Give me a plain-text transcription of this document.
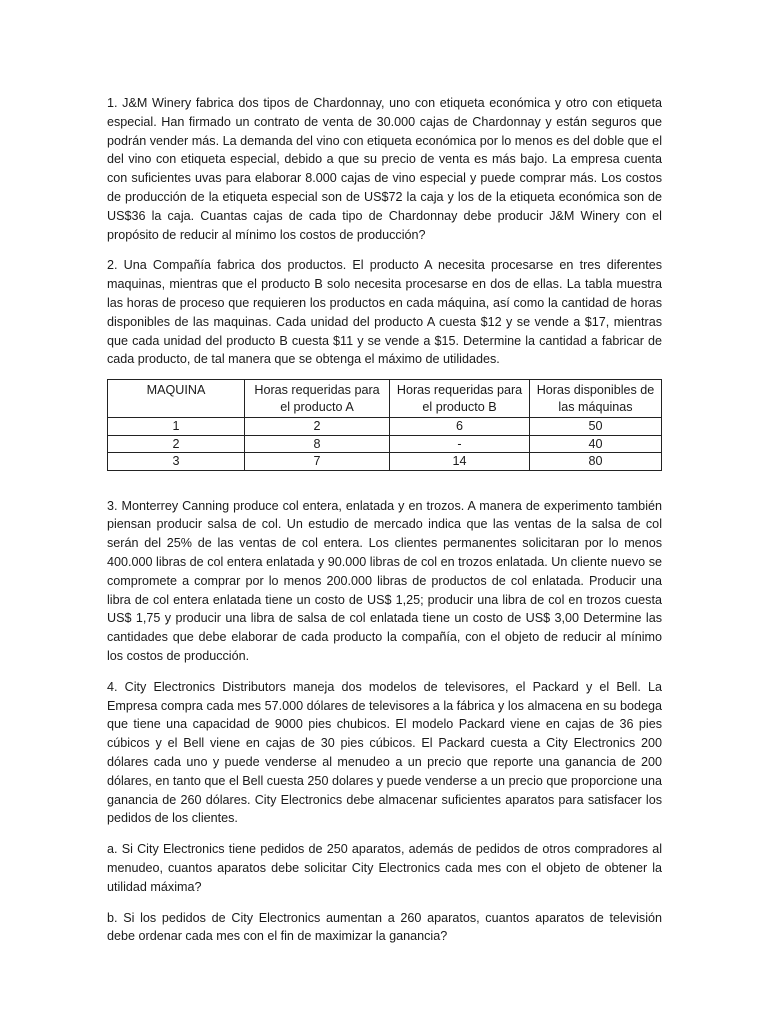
1. J&M Winery fabrica dos tipos de Chardonnay, uno con etiqueta económica y otro con etiqueta especial. Han firmado un contrato de venta de 30.000 cajas de Chardonnay y están seguros que podrán vender más. La demanda del vino con etiqueta económica por lo menos es del doble que el del vino con etiqueta especial, debido a que su precio de venta es más bajo. La empresa cuenta con suficientes uvas para elaborar 8.000 cajas de vino especial y puede comprar más. Los costos de producción de la etiqueta especial son de US$72 la caja y los de la etiqueta económica son de US$36 la caja. Cuantas cajas de cada tipo de Chardonnay debe producir J&M Winery con el propósito de reducir al mínimo los costos de producción?

2. Una Compañía fabrica dos productos. El producto A necesita procesarse en tres diferentes maquinas, mientras que el producto B solo necesita procesarse en dos de ellas. La tabla muestra las horas de proceso que requieren los productos en cada máquina, así como la cantidad de horas disponibles de las maquinas. Cada unidad del producto A cuesta $12 y se vende a $17, mientras que cada unidad del producto B cuesta $11 y se vende a $15. Determine la cantidad a fabricar de cada producto, de tal manera que se obtenga el máximo de utilidades.

MAQUINA	Horas requeridas para el producto A	Horas requeridas para el producto B	Horas disponibles de las máquinas
1	2	6	50
2	8	-	40
3	7	14	80

3. Monterrey Canning produce col entera, enlatada y en trozos. A manera de experimento también piensan producir salsa de col. Un estudio de mercado indica que las ventas de la salsa de col serán del 25% de las ventas de col entera. Los clientes permanentes solicitaran por lo menos 400.000 libras de col entera enlatada y 90.000 libras de col en trozos enlatada. Un cliente nuevo se compromete a comprar por lo menos 200.000 libras de productos de col enlatada. Producir una libra de col entera enlatada tiene un costo de US$ 1,25; producir una libra de col en trozos cuesta US$ 1,75 y producir una libra de salsa de col enlatada tiene un costo de US$ 3,00 Determine las cantidades que debe elaborar de cada producto la compañía, con el objeto de reducir al mínimo los costos de producción.

4. City Electronics Distributors maneja dos modelos de televisores, el Packard y el Bell. La Empresa compra cada mes 57.000 dólares de televisores a la fábrica y los almacena en su bodega que tiene una capacidad de 9000 pies chubicos. El modelo Packard viene en cajas de 36 pies cúbicos y el Bell viene en cajas de 30 pies cúbicos. El Packard cuesta a City Electronics 200 dólares cada uno y puede venderse al menudeo a un precio que reporte una ganancia de 200 dólares, en tanto que el Bell cuesta 250 dolares y puede venderse a un precio que proporcione una ganancia de 260 dólares. City Electronics debe almacenar suficientes aparatos para satisfacer los pedidos de los clientes.

a. Si City Electronics tiene pedidos de 250 aparatos, además de pedidos de otros compradores al menudeo, cuantos aparatos debe solicitar City Electronics cada mes con el objeto de obtener la utilidad máxima?

b. Si los pedidos de City Electronics aumentan a 260 aparatos, cuantos aparatos de televisión debe ordenar cada mes con el fin de maximizar la ganancia?
